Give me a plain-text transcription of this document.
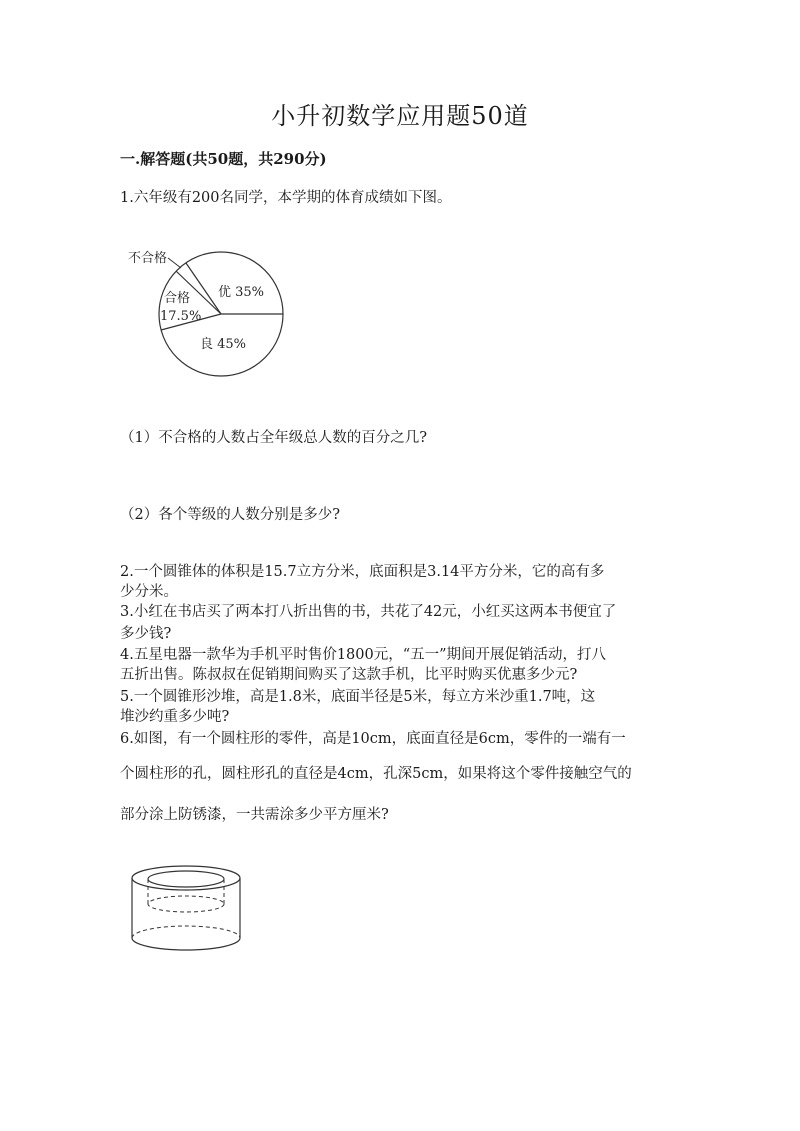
小升初数学应用题50道
一.解答题(共50题，共290分)
1.六年级有200名同学，本学期的体育成绩如下图。
不合格
合格
17.5%
优 35%
良 45%
（1）不合格的人数占全年级总人数的百分之几?
（2）各个等级的人数分别是多少?
2.一个圆锥体的体积是15.7立方分米，底面积是3.14平方分米，它的高有多
少分米。
3.小红在书店买了两本打八折出售的书，共花了42元，小红买这两本书便宜了
多少钱?
4.五星电器一款华为手机平时售价1800元，“五一”期间开展促销活动，打八
五折出售。陈叔叔在促销期间购买了这款手机，比平时购买优惠多少元?
5.一个圆锥形沙堆，高是1.8米，底面半径是5米，每立方米沙重1.7吨，这
堆沙约重多少吨?
6.如图，有一个圆柱形的零件，高是10cm，底面直径是6cm，零件的一端有一
个圆柱形的孔，圆柱形孔的直径是4cm，孔深5cm，如果将这个零件接触空气的
部分涂上防锈漆，一共需涂多少平方厘米?
